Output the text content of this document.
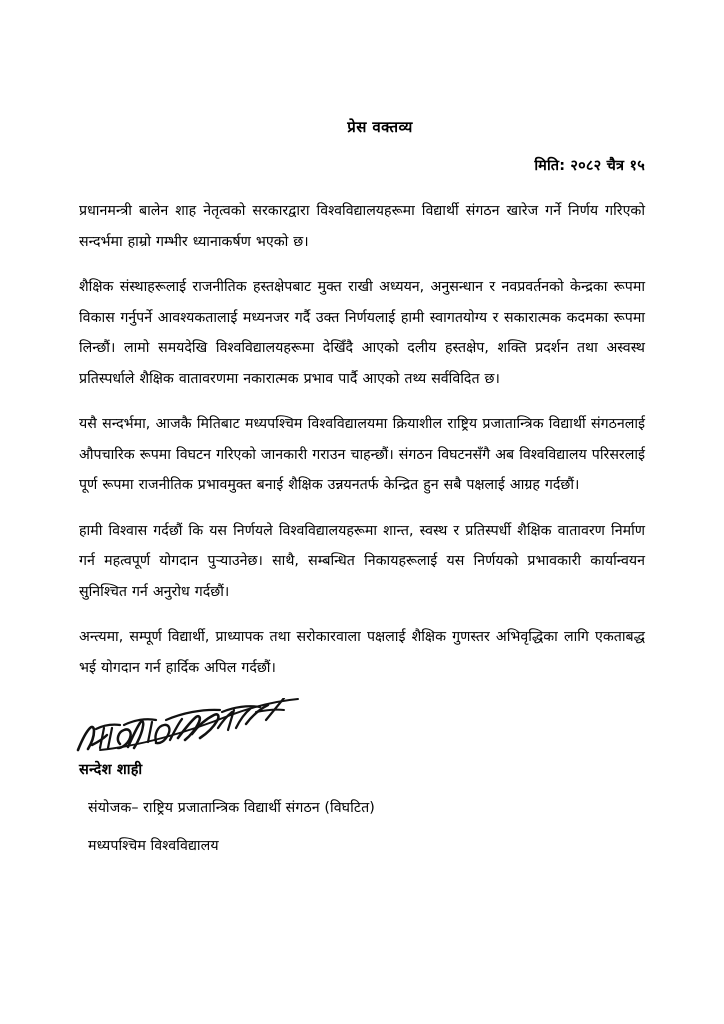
प्रेस वक्तव्य
मिति: २०८२ चैत्र १५

प्रधानमन्त्री बालेन शाह नेतृत्वको सरकारद्वारा विश्वविद्यालयहरूमा विद्यार्थी संगठन खारेज गर्ने निर्णय गरिएको सन्दर्भमा हाम्रो गम्भीर ध्यानाकर्षण भएको छ।

शैक्षिक संस्थाहरूलाई राजनीतिक हस्तक्षेपबाट मुक्त राखी अध्ययन, अनुसन्धान र नवप्रवर्तनको केन्द्रका रूपमा विकास गर्नुपर्ने आवश्यकतालाई मध्यनजर गर्दै उक्त निर्णयलाई हामी स्वागतयोग्य र सकारात्मक कदमका रूपमा लिन्छौं। लामो समयदेखि विश्वविद्यालयहरूमा देखिँदै आएको दलीय हस्तक्षेप, शक्ति प्रदर्शन तथा अस्वस्थ प्रतिस्पर्धाले शैक्षिक वातावरणमा नकारात्मक प्रभाव पार्दै आएको तथ्य सर्वविदित छ।

यसै सन्दर्भमा, आजकै मितिबाट मध्यपश्चिम विश्वविद्यालयमा क्रियाशील राष्ट्रिय प्रजातान्त्रिक विद्यार्थी संगठनलाई औपचारिक रूपमा विघटन गरिएको जानकारी गराउन चाहन्छौं। संगठन विघटनसँगै अब विश्वविद्यालय परिसरलाई पूर्ण रूपमा राजनीतिक प्रभावमुक्त बनाई शैक्षिक उन्नयनतर्फ केन्द्रित हुन सबै पक्षलाई आग्रह गर्दछौं।

हामी विश्वास गर्दछौं कि यस निर्णयले विश्वविद्यालयहरूमा शान्त, स्वस्थ र प्रतिस्पर्धी शैक्षिक वातावरण निर्माण गर्न महत्वपूर्ण योगदान पुऱ्याउनेछ। साथै, सम्बन्धित निकायहरूलाई यस निर्णयको प्रभावकारी कार्यान्वयन सुनिश्चित गर्न अनुरोध गर्दछौं।

अन्त्यमा, सम्पूर्ण विद्यार्थी, प्राध्यापक तथा सरोकारवाला पक्षलाई शैक्षिक गुणस्तर अभिवृद्धिका लागि एकताबद्ध भई योगदान गर्न हार्दिक अपिल गर्दछौं।

सन्देश शाही
संयोजक– राष्ट्रिय प्रजातान्त्रिक विद्यार्थी संगठन (विघटित)
मध्यपश्चिम विश्वविद्यालय
